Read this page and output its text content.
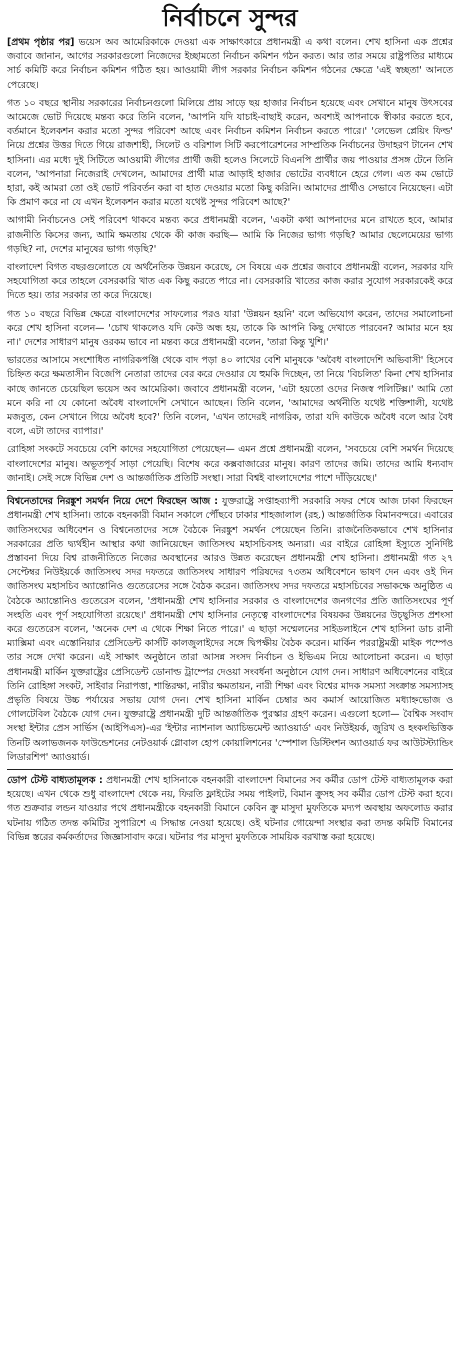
নির্বাচনে সুন্দর

[প্রথম পৃষ্ঠার পর] ভয়েস অব আমেরিকাকে দেওয়া এক সাক্ষাৎকারে প্রধানমন্ত্রী এ কথা বলেন। শেখ হাসিনা এক প্রশ্নের জবাবে জানান, আগের সরকারগুলো নিজেদের ইচ্ছামতো নির্বাচন কমিশন গঠন করত। আর তার সময়ে রাষ্ট্রপতির মাধ্যমে সার্চ কমিটি করে নির্বাচন কমিশন গঠিত হয়। আওয়ামী লীগ সরকার নির্বাচন কমিশন গঠনের ক্ষেত্রে 'এই স্বচ্ছতা' আনতে পেরেছে।

গত ১০ বছরে স্থানীয় সরকারের নির্বাচনগুলো মিলিয়ে প্রায় সাড়ে ছয় হাজার নির্বাচন হয়েছে এবং সেখানে মানুষ উৎসবের আমেজে ভোট দিয়েছে মন্তব্য করে তিনি বলেন, 'আপনি যদি যাচাই-বাছাই করেন, অবশ্যই আপনাকে স্বীকার করতে হবে, বর্তমানে ইলেকশন করার মতো সুন্দর পরিবেশ আছে এবং নির্বাচন কমিশন নির্বাচন করতে পারে।' 'লেভেল প্লেয়িং ফিল্ড' নিয়ে প্রশ্নের উত্তর দিতে গিয়ে রাজশাহী, সিলেট ও বরিশাল সিটি করপোরেশনের সাম্প্রতিক নির্বাচনের উদাহরণ টানেন শেখ হাসিনা। এর মধ্যে দুই সিটিতে আওয়ামী লীগের প্রার্থী জয়ী হলেও সিলেটে বিএনপি প্রার্থীর জয় পাওয়ার প্রসঙ্গ টেনে তিনি বলেন, 'আপনারা নিজেরাই দেখলেন, আমাদের প্রার্থী মাত্র আড়াই হাজার ভোটের ব্যবধানে হেরে গেল। এত কম ভোটে হারা, কই আমরা তো ওই ভোট পরিবর্তন করা বা হাত দেওয়ার মতো কিছু করিনি। আমাদের প্রার্থীও সেভাবে নিয়েছেন। এটা কি প্রমাণ করে না যে এখন ইলেকশন করার মতো যথেষ্ট সুন্দর পরিবেশ আছে?'

আগামী নির্বাচনেও সেই পরিবেশ থাকবে মন্তব্য করে প্রধানমন্ত্রী বলেন, 'একটা কথা আপনাদের মনে রাখতে হবে, আমার রাজনীতি কিসের জন্য, আমি ক্ষমতায় থেকে কী কাজ করছি— আমি কি নিজের ভাগ্য গড়ছি? আমার ছেলেমেয়ের ভাগ্য গড়ছি? না, দেশের মানুষের ভাগ্য গড়ছি?'

বাংলাদেশ বিগত বছরগুলোতে যে অর্থনৈতিক উন্নয়ন করেছে, সে বিষয়ে এক প্রশ্নের জবাবে প্রধানমন্ত্রী বলেন, সরকার যদি সহযোগিতা করে তাহলে বেসরকারি খাত এক কিছু করতে পারে না। বেসরকারি খাতের কাজ করার সুযোগ সরকারকেই করে দিতে হয়। তার সরকার তা করে দিয়েছে।

গত ১০ বছরে বিভিন্ন ক্ষেত্রে বাংলাদেশের সাফল্যের পরও যারা 'উন্নয়ন হয়নি' বলে অভিযোগ করেন, তাদের সমালোচনা করে শেখ হাসিনা বলেন— 'চোখ থাকলেও যদি কেউ অন্ধ হয়, তাকে কি আপনি কিছু দেখাতে পারবেন? আমার মনে হয় না।' দেশের সাধারণ মানুষ ওরকম ভাবে না মন্তব্য করে প্রধানমন্ত্রী বলেন, 'তারা কিন্তু খুশি।'

ভারতের আসামে সংশোধিত নাগরিকপঞ্জি থেকে বাদ পড়া ৪০ লাখের বেশি মানুষকে 'অবৈধ বাংলাদেশি অভিবাসী' হিসেবে চিহ্নিত করে ক্ষমতাসীন বিজেপি নেতারা তাদের বের করে দেওয়ার যে হুমকি দিচ্ছেন, তা নিয়ে 'বিচলিত' কিনা শেখ হাসিনার কাছে জানতে চেয়েছিল ভয়েস অব আমেরিকা। জবাবে প্রধানমন্ত্রী বলেন, 'এটা হয়তো ওদের নিজস্ব পলিটিক্স।' আমি তো মনে করি না যে কোনো অবৈধ বাংলাদেশি সেখানে আছেন। তিনি বলেন, 'আমাদের অর্থনীতি যথেষ্ট শক্তিশালী, যথেষ্ট মজবুত, কেন সেখানে গিয়ে অবৈধ হবে?' তিনি বলেন, 'এখন তাদেরই নাগরিক, তারা যদি কাউকে অবৈধ বলে আর বৈধ বলে, এটা তাদের ব্যাপার।'

রোহিঙ্গা সংকটে সবচেয়ে বেশি কাদের সহযোগিতা পেয়েছেন— এমন প্রশ্নে প্রধানমন্ত্রী বলেন, 'সবচেয়ে বেশি সমর্থন দিয়েছে বাংলাদেশের মানুষ। অভূতপূর্ব সাড়া পেয়েছি। বিশেষ করে কক্সবাজারের মানুষ। কারণ তাদের জমি। তাদের আমি ধন্যবাদ জানাই। সেই সঙ্গে বিভিন্ন দেশ ও আন্তর্জাতিক প্রতিটি সংস্থা। সারা বিশ্বই বাংলাদেশের পাশে দাঁড়িয়েছে।'

বিশ্বনেতাদের নিরঙ্কুশ সমর্থন নিয়ে দেশে ফিরছেন আজ : যুক্তরাষ্ট্রে সপ্তাহব্যাপী সরকারি সফর শেষে আজ ঢাকা ফিরছেন প্রধানমন্ত্রী শেখ হাসিনা। তাকে বহনকারী বিমান সকালে পৌঁছবে ঢাকার শাহজালাল (রহ.) আন্তর্জাতিক বিমানবন্দরে। এবারের জাতিসংঘের অধিবেশন ও বিশ্বনেতাদের সঙ্গে বৈঠকে নিরঙ্কুশ সমর্থন পেয়েছেন তিনি। রাজনৈতিকভাবে শেখ হাসিনার সরকারের প্রতি দ্ব্যর্থহীন আস্থার কথা জানিয়েছেন জাতিসংঘ মহাসচিবসহ অন্যরা। এর বাইরে রোহিঙ্গা ইস্যুতে সুনির্দিষ্ট প্রস্তাবনা দিয়ে বিশ্ব রাজনীতিতে নিজের অবস্থানের আরও উন্নত করেছেন প্রধানমন্ত্রী শেখ হাসিনা। প্রধানমন্ত্রী গত ২৭ সেপ্টেম্বর নিউইয়র্কে জাতিসংঘ সদর দফতরে জাতিসংঘ সাধারণ পরিষদের ৭৩তম অধিবেশনে ভাষণ দেন এবং ওই দিন জাতিসংঘ মহাসচিব অ্যান্তোনিও গুতেরেসের সঙ্গে বৈঠক করেন। জাতিসংঘ সদর দফতরে মহাসচিবের সভাকক্ষে অনুষ্ঠিত এ বৈঠকে অ্যান্তোনিও গুতেরেস বলেন, 'প্রধানমন্ত্রী শেখ হাসিনার সরকার ও বাংলাদেশের জনগণের প্রতি জাতিসংঘের পূর্ণ সংহতি এবং পূর্ণ সহযোগিতা রয়েছে।' প্রধানমন্ত্রী শেখ হাসিনার নেতৃত্বে বাংলাদেশের বিষয়কর উন্নয়নের উচ্ছ্বসিত প্রশংসা করে গুতেরেস বলেন, 'অনেক দেশ এ থেকে শিক্ষা নিতে পারে।' এ ছাড়া সম্মেলনের সাইডলাইনে শেখ হাসিনা ডাচ রানী ম্যাক্সিমা এবং এস্তোনিয়ার প্রেসিডেন্ট কার্সটি কালজুলাইদের সঙ্গে দ্বিপক্ষীয় বৈঠক করেন। মার্কিন পররাষ্ট্রমন্ত্রী মাইক পম্পেও তার সঙ্গে দেখা করেন। এই সাক্ষাৎ অনুষ্ঠানে তারা আসন্ন সংসদ নির্বাচন ও ইভিএম নিয়ে আলোচনা করেন। এ ছাড়া প্রধানমন্ত্রী মার্কিন যুক্তরাষ্ট্রের প্রেসিডেন্ট ডোনাল্ড ট্রাম্পের দেওয়া সংবর্ধনা অনুষ্ঠানে যোগ দেন। সাধারণ অধিবেশনের বাইরে তিনি রোহিঙ্গা সংকট, সাইবার নিরাপত্তা, শান্তিরক্ষা, নারীর ক্ষমতায়ন, নারী শিক্ষা এবং বিশ্বের মাদক সমস্যা সংক্রান্ত সমস্যাসহ প্রভৃতি বিষয়ে উচ্চ পর্যায়ের সভায় যোগ দেন। শেখ হাসিনা মার্কিন চেম্বার অব কমার্স আয়োজিত মধ্যাহ্নভোজ ও গোলটেবিল বৈঠকে যোগ দেন। যুক্তরাষ্ট্রে প্রধানমন্ত্রী দুটি আন্তর্জাতিক পুরস্কার গ্রহণ করেন। এগুলো হলো— বৈশ্বিক সংবাদ সংস্থা ইন্টার প্রেস সার্ভিস (আইপিএস)-এর 'ইন্টার ন্যাশনাল অ্যাচিভমেন্ট অ্যাওয়ার্ড' এবং নিউইয়র্ক, জুরিখ ও হংকংভিত্তিক তিনটি অলাভজনক ফাউন্ডেশনের নেটওয়ার্ক গ্লোবাল হোপ কোয়ালিশনের 'স্পেশাল ডিস্টিংশন অ্যাওয়ার্ড ফর আউটস্ট্যান্ডিং লিডারশিপ' অ্যাওয়ার্ড।

ডোপ টেস্ট বাধ্যতামূলক : প্রধানমন্ত্রী শেখ হাসিনাকে বহনকারী বাংলাদেশ বিমানের সব কর্মীর ডোপ টেস্ট বাধ্যতামূলক করা হয়েছে। এখন থেকে শুধু বাংলাদেশ থেকে নয়, ফিরতি ফ্লাইটের সময় পাইলট, বিমান ক্রুসহ সব কর্মীর ডোপ টেস্ট করা হবে। গত শুক্রবার লন্ডন যাওয়ার পথে প্রধানমন্ত্রীকে বহনকারী বিমানে কেবিন ক্রু মাসুদা মুফতিকে মদ্যপ অবস্থায় অফলোড করার ঘটনায় গঠিত তদন্ত কমিটির সুপারিশে এ সিদ্ধান্ত নেওয়া হয়েছে। ওই ঘটনার গোয়েন্দা সংস্থার করা তদন্ত কমিটি বিমানের বিভিন্ন স্তরের কর্মকর্তাদের জিজ্ঞাসাবাদ করে। ঘটনার পর মাসুদা মুফতিকে সাময়িক বরখাস্ত করা হয়েছে।
